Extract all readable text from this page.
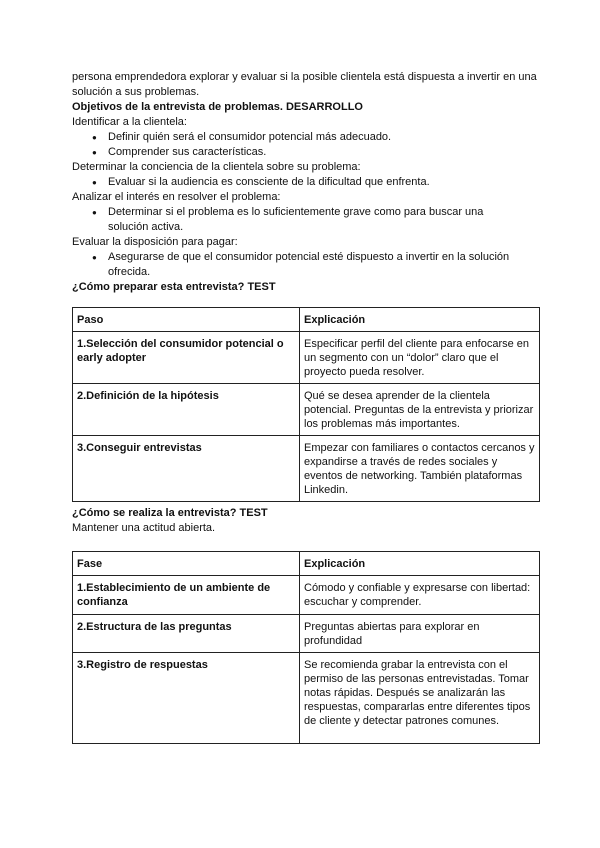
persona emprendedora explorar y evaluar si la posible clientela está dispuesta a invertir en una solución a sus problemas.
Objetivos de la entrevista de problemas. DESARROLLO
Identificar a la clientela:
● Definir quién será el consumidor potencial más adecuado.
● Comprender sus características.
Determinar la conciencia de la clientela sobre su problema:
● Evaluar si la audiencia es consciente de la dificultad que enfrenta.
Analizar el interés en resolver el problema:
● Determinar si el problema es lo suficientemente grave como para buscar una solución activa.
Evaluar la disposición para pagar:
● Asegurarse de que el consumidor potencial esté dispuesto a invertir en la solución ofrecida.
¿Cómo preparar esta entrevista? TEST
Paso	Explicación
1.Selección del consumidor potencial o early adopter	Especificar perfil del cliente para enfocarse en un segmento con un “dolor” claro que el proyecto pueda resolver.
2.Definición de la hipótesis	Qué se desea aprender de la clientela potencial. Preguntas de la entrevista y priorizar los problemas más importantes.
3.Conseguir entrevistas	Empezar con familiares o contactos cercanos y expandirse a través de redes sociales y eventos de networking. También plataformas Linkedin.
¿Cómo se realiza la entrevista? TEST
Mantener una actitud abierta.
Fase	Explicación
1.Establecimiento de un ambiente de confianza	Cómodo y confiable y expresarse con libertad: escuchar y comprender.
2.Estructura de las preguntas	Preguntas abiertas para explorar en profundidad
3.Registro de respuestas	Se recomienda grabar la entrevista con el permiso de las personas entrevistadas. Tomar notas rápidas. Después se analizarán las respuestas, compararlas entre diferentes tipos de cliente y detectar patrones comunes.
